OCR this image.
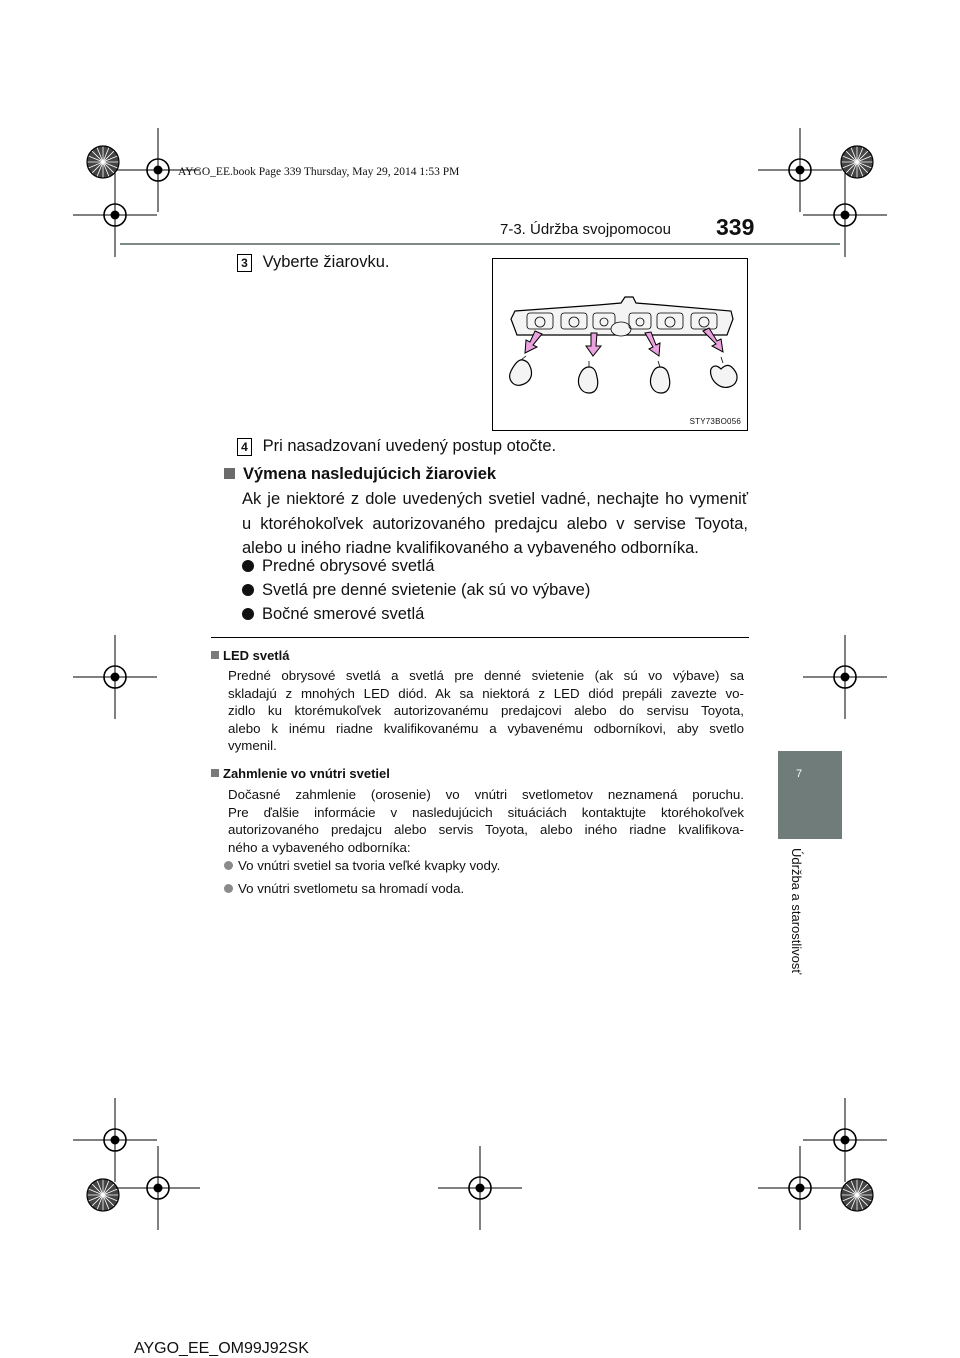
AYGO_EE.book Page 339 Thursday, May 29, 2014 1:53 PM
7-3. Údržba svojpomocou 339
3 Vyberte žiarovku.
STY73BO056
4 Pri nasadzovaní uvedený postup otočte.
Výmena nasledujúcich žiaroviek
Ak je niektoré z dole uvedených svetiel vadné, nechajte ho vymeniť
u ktoréhokoľvek autorizovaného predajcu alebo v servise Toyota,
alebo u iného riadne kvalifikovaného a vybaveného odborníka.
Predné obrysové svetlá
Svetlá pre denné svietenie (ak sú vo výbave)
Bočné smerové svetlá
LED svetlá
Predné obrysové svetlá a svetlá pre denné svietenie (ak sú vo výbave) sa
skladajú z mnohých LED diód. Ak sa niektorá z LED diód prepáli zavezte vo-
zidlo ku ktorémukoľvek autorizovanému predajcovi alebo do servisu Toyota,
alebo k inému riadne kvalifikovanému a vybavenému odborníkovi, aby svetlo
vymenil.
Zahmlenie vo vnútri svetiel
Dočasné zahmlenie (orosenie) vo vnútri svetlometov neznamená poruchu.
Pre ďalšie informácie v nasledujúcich situáciách kontaktujte ktoréhokoľvek
autorizovaného predajcu alebo servis Toyota, alebo iného riadne kvalifikova-
ného a vybaveného odborníka:
Vo vnútri svetiel sa tvoria veľké kvapky vody.
Vo vnútri svetlometu sa hromadí voda.
7
Údržba a starostlivosť
AYGO_EE_OM99J92SK
